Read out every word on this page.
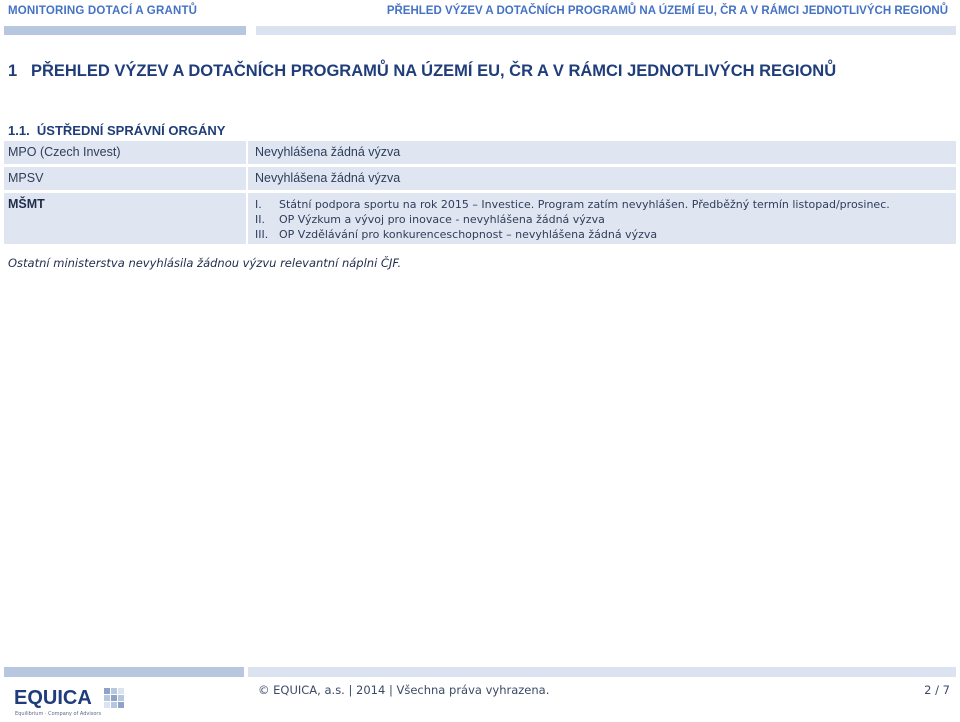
MONITORING DOTACÍ A GRANTŮ	PŘEHLED VÝZEV A DOTAČNÍCH PROGRAMŮ NA ÚZEMÍ EU, ČR A V RÁMCI JEDNOTLIVÝCH REGIONŮ
1 PŘEHLED VÝZEV A DOTAČNÍCH PROGRAMŮ NA ÚZEMÍ EU, ČR A V RÁMCI JEDNOTLIVÝCH REGIONŮ
1.1. ÚSTŘEDNÍ SPRÁVNÍ ORGÁNY
MPO (Czech Invest)	Nevyhlášena žádná výzva
MPSV	Nevyhlášena žádná výzva
MŠMT	I. Státní podpora sportu na rok 2015 – Investice. Program zatím nevyhlášen. Předběžný termín listopad/prosinec.
II. OP Výzkum a vývoj pro inovace - nevyhlášena žádná výzva
III. OP Vzdělávání pro konkurenceschopnost – nevyhlášena žádná výzva
Ostatní ministerstva nevyhlásila žádnou výzvu relevantní náplni ČJF.
EQUICA
Equilibrium · Company of Advisors
© EQUICA, a.s. | 2014 | Všechna práva vyhrazena.	2 / 7
